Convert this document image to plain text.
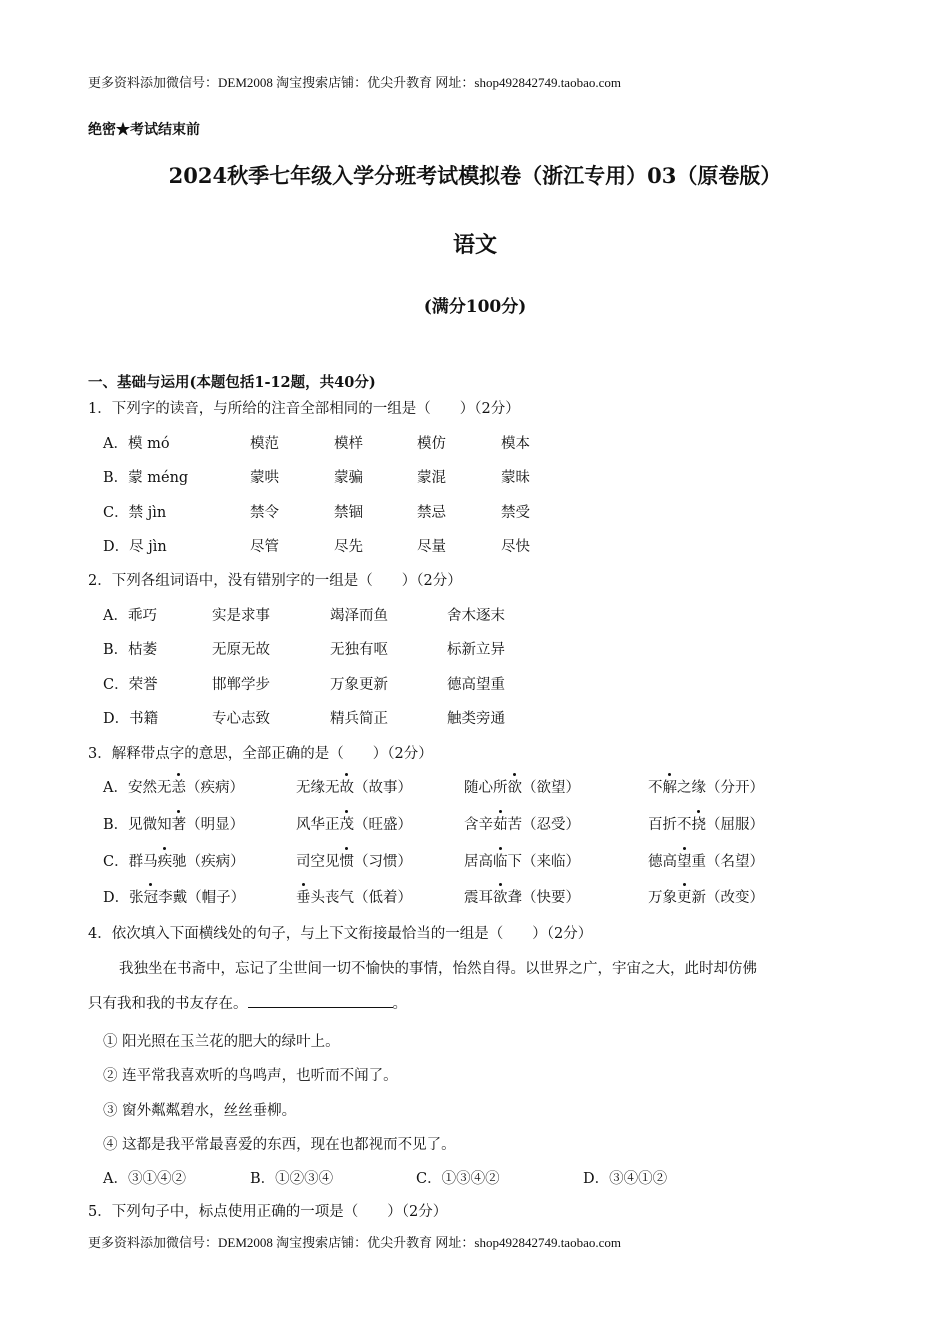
更多资料添加微信号：DEM2008 淘宝搜索店铺：优尖升教育 网址：shop492842749.taobao.com
绝密★考试结束前
2024秋季七年级入学分班考试模拟卷（浙江专用）03（原卷版）
语文
(满分100分)
一、基础与运用(本题包括1-12题，共40分)
1．下列字的读音，与所给的注音全部相同的一组是（　　）（2分）
A．模 mó	模范	模样	模仿	模本
B．蒙 méng	蒙哄	蒙骗	蒙混	蒙昧
C．禁 jìn	禁令	禁锢	禁忌	禁受
D．尽 jìn	尽管	尽先	尽量	尽快
2．下列各组词语中，没有错别字的一组是（　　）（2分）
A．乖巧	实是求事	竭泽而鱼	舍木逐末
B．枯萎	无原无故	无独有呕	标新立异
C．荣誉	邯郸学步	万象更新	德高望重
D．书籍	专心志致	精兵简正	触类旁通
3．解释带点字的意思，全部正确的是（　　）（2分）
A．安然无恙（疾病）	无缘无故（故事）	随心所欲（欲望）	不解之缘（分开）
B．见微知著（明显）	风华正茂（旺盛）	含辛茹苦（忍受）	百折不挠（屈服）
C．群马疾驰（疾病）	司空见惯（习惯）	居高临下（来临）	德高望重（名望）
D．张冠李戴（帽子）	垂头丧气（低着）	震耳欲聋（快要）	万象更新（改变）
4．依次填入下面横线处的句子，与上下文衔接最恰当的一组是（　　）（2分）
我独坐在书斋中，忘记了尘世间一切不愉快的事情，怡然自得。以世界之广，宇宙之大，此时却仿佛
只有我和我的书友存在。	。
① 阳光照在玉兰花的肥大的绿叶上。
② 连平常我喜欢听的鸟鸣声，也听而不闻了。
③ 窗外粼粼碧水，丝丝垂柳。
④ 这都是我平常最喜爱的东西，现在也都视而不见了。
A．③①④②	B．①②③④	C．①③④②	D．③④①②
5．下列句子中，标点使用正确的一项是（　　）（2分）
更多资料添加微信号：DEM2008 淘宝搜索店铺：优尖升教育 网址：shop492842749.taobao.com
